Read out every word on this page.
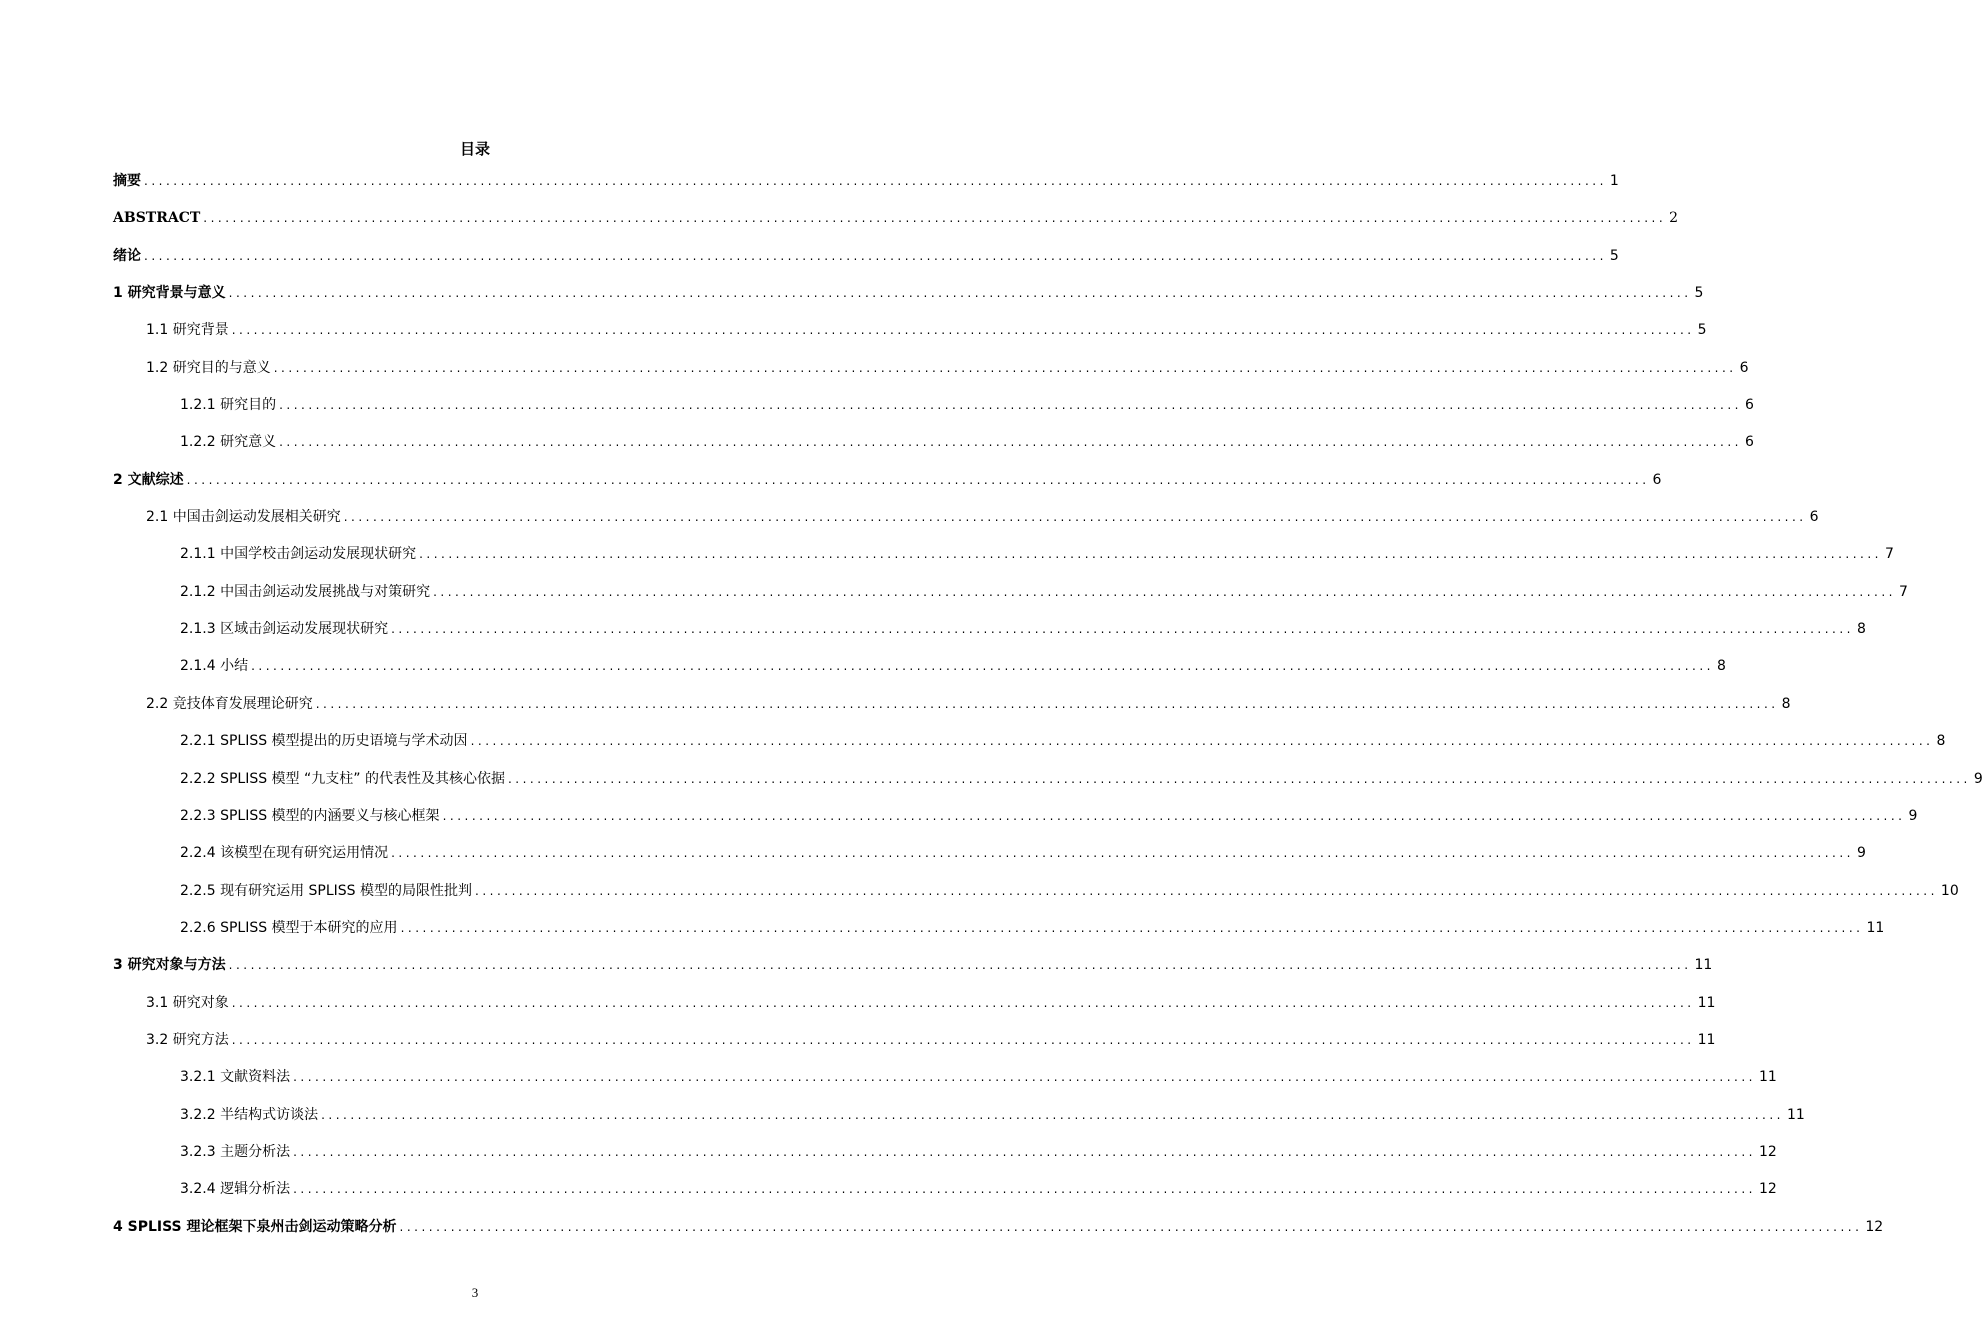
目录
摘要 ........................................................................................................................................................................................................ 1
ABSTRACT ........................................................................................................................................................................................................ 2
绪论 ........................................................................................................................................................................................................ 5
1 研究背景与意义 ........................................................................................................................................................................................................ 5
1.1 研究背景 ........................................................................................................................................................................................................ 5
1.2 研究目的与意义 ........................................................................................................................................................................................................ 6
1.2.1 研究目的 ........................................................................................................................................................................................................ 6
1.2.2 研究意义 ........................................................................................................................................................................................................ 6
2 文献综述 ........................................................................................................................................................................................................ 6
2.1 中国击剑运动发展相关研究 ........................................................................................................................................................................................................ 6
2.1.1 中国学校击剑运动发展现状研究 ........................................................................................................................................................................................................ 7
2.1.2 中国击剑运动发展挑战与对策研究 ........................................................................................................................................................................................................ 7
2.1.3 区域击剑运动发展现状研究 ........................................................................................................................................................................................................ 8
2.1.4 小结 ........................................................................................................................................................................................................ 8
2.2 竞技体育发展理论研究 ........................................................................................................................................................................................................ 8
2.2.1 SPLISS 模型提出的历史语境与学术动因 ........................................................................................................................................................................................................ 8
2.2.2 SPLISS 模型 “九支柱” 的代表性及其核心依据 ........................................................................................................................................................................................................ 9
2.2.3 SPLISS 模型的内涵要义与核心框架 ........................................................................................................................................................................................................ 9
2.2.4 该模型在现有研究运用情况 ........................................................................................................................................................................................................ 9
2.2.5 现有研究运用 SPLISS 模型的局限性批判 ........................................................................................................................................................................................................ 10
2.2.6 SPLISS 模型于本研究的应用 ........................................................................................................................................................................................................ 11
3 研究对象与方法 ........................................................................................................................................................................................................ 11
3.1 研究对象 ........................................................................................................................................................................................................ 11
3.2 研究方法 ........................................................................................................................................................................................................ 11
3.2.1 文献资料法 ........................................................................................................................................................................................................ 11
3.2.2 半结构式访谈法 ........................................................................................................................................................................................................ 11
3.2.3 主题分析法 ........................................................................................................................................................................................................ 12
3.2.4 逻辑分析法 ........................................................................................................................................................................................................ 12
4 SPLISS 理论框架下泉州击剑运动策略分析 ........................................................................................................................................................................................................ 12
3
